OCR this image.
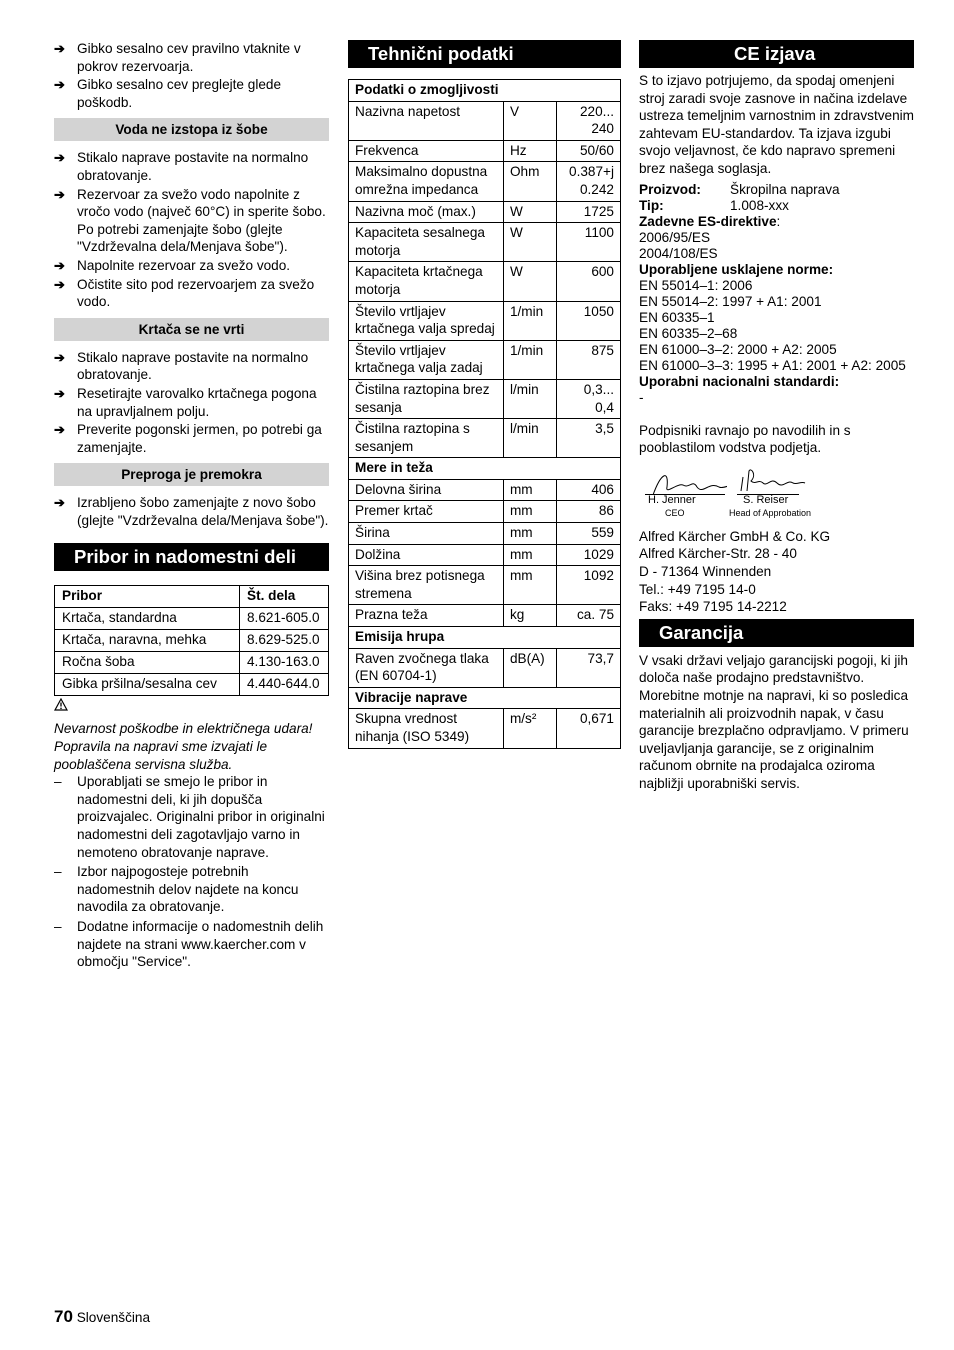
➔ Gibko sesalno cev pravilno vtaknite v pokrov rezervoarja.
➔ Gibko sesalno cev preglejte glede poškodb.
Voda ne izstopa iz šobe
➔ Stikalo naprave postavite na normalno obratovanje.
➔ Rezervoar za svežo vodo napolnite z vročo vodo (največ 60°C) in sperite šobo. Po potrebi zamenjajte šobo (glejte "Vzdrževalna dela/Menjava šobe").
➔ Napolnite rezervoar za svežo vodo.
➔ Očistite sito pod rezervoarjem za svežo vodo.
Krtača se ne vrti
➔ Stikalo naprave postavite na normalno obratovanje.
➔ Resetirajte varovalko krtačnega pogona na upravljalnem polju.
➔ Preverite pogonski jermen, po potrebi ga zamenjajte.
Preproga je premokra
➔ Izrabljeno šobo zamenjajte z novo šobo (glejte "Vzdrževalna dela/Menjava šobe").
Pribor in nadomestni deli
Pribor	Št. dela
Krtača, standardna	8.621-605.0
Krtača, naravna, mehka	8.629-525.0
Ročna šoba	4.130-163.0
Gibka pršilna/sesalna cev	4.440-644.0

Nevarnost poškodbe in električnega udara! Popravila na napravi sme izvajati le pooblaščena servisna služba.

– Uporabljati se smejo le pribor in nadomestni deli, ki jih dopušča proizvajalec. Originalni pribor in originalni nadomestni deli zagotavljajo varno in nemoteno obratovanje naprave.
– Izbor najpogosteje potrebnih nadomestnih delov najdete na koncu navodila za obratovanje.
– Dodatne informacije o nadomestnih delih najdete na strani www.kaercher.com v območju "Service".
Tehnični podatki
Podatki o zmogljivosti		
Nazivna napetost	V	220... 240
Frekvenca	Hz	50/60
Maksimalno dopustna omrežna impedanca	Ohm	0.387+j 0.242
Nazivna moč (max.)	W	1725
Kapaciteta sesalnega motorja	W	1100
Kapaciteta krtačnega motorja	W	600
Število vrtljajev krtačnega valja spredaj	1/min	1050
Število vrtljajev krtačnega valja zadaj	1/min	875
Čistilna raztopina brez sesanja	l/min	0,3... 0,4
Čistilna raztopina s sesanjem	l/min	3,5
Mere in teža		
Delovna širina	mm	406
Premer krtač	mm	86
Širina	mm	559
Dolžina	mm	1029
Višina brez potisnega stremena	mm	1092
Prazna teža	kg	ca. 75
Emisija hrupa		
Raven zvočnega tlaka (EN 60704-1)	dB(A)	73,7
Vibracije naprave		
Skupna vrednost nihanja (ISO 5349)	m/s²	0,671
CE izjava

S to izjavo potrjujemo, da spodaj omenjeni stroj zaradi svoje zasnove in načina izdelave ustreza temeljnim varnostnim in zdravstvenim zahtevam EU-standardov. Ta izjava izgubi svojo veljavnost, če kdo napravo spremeni brez našega soglasja.

Proizvod:	Škropilna naprava
Tip:	1.008-xxx
Zadevne ES-direktive:
2006/95/ES
2004/108/ES
Uporabljene usklajene norme:
EN 55014–1: 2006
EN 55014–2: 1997 + A1: 2001
EN 60335–1
EN 60335–2–68
EN 61000–3–2: 2000 + A2: 2005
EN 61000–3–3: 1995 + A1: 2001 + A2: 2005
Uporabni nacionalni standardi:
-

Podpisniki ravnajo po navodilih in s pooblastilom vodstva podjetja.

H. Jenner
CEO
S. Reiser
Head of Approbation
Alfred Kärcher GmbH & Co. KG
Alfred Kärcher-Str. 28 - 40
D - 71364 Winnenden
Tel.: +49 7195 14-0
Faks: +49 7195 14-2212
Garancija

V vsaki državi veljajo garancijski pogoji, ki jih določa naše prodajno predstavništvo. Morebitne motnje na napravi, ki so posledica materialnih ali proizvodnih napak, v času garancije brezplačno odpravljamo. V primeru uveljavljanja garancije, se z originalnim računom obrnite na prodajalca oziroma najbližji uporabniški servis.

70 Slovenščina
